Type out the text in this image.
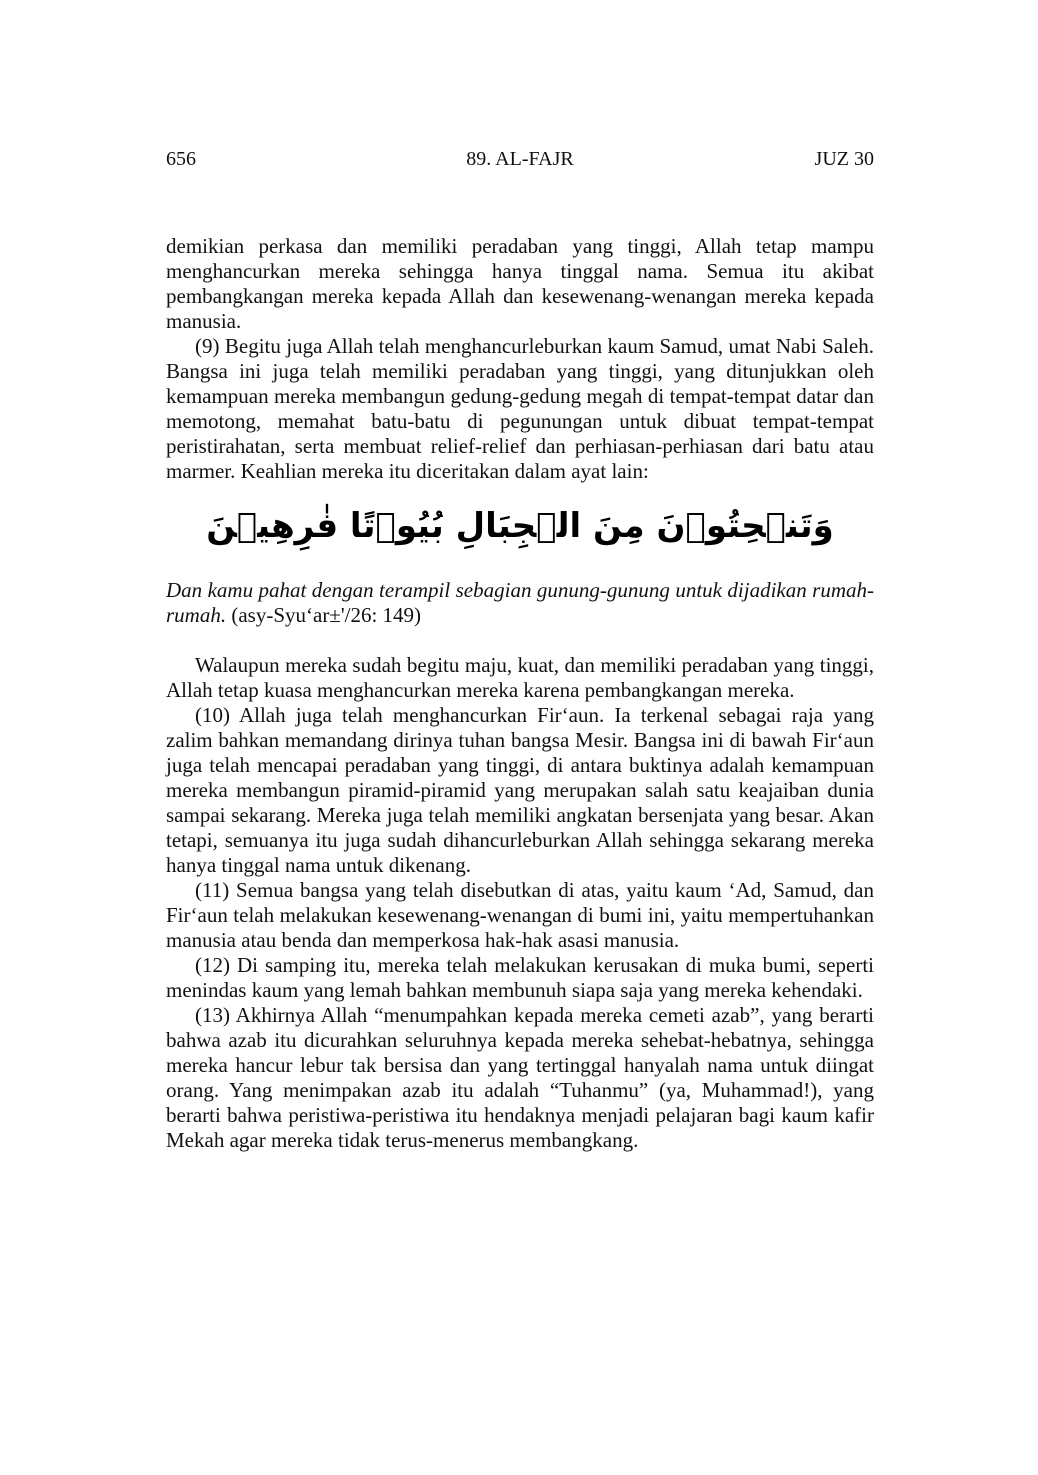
656	89. AL-FAJR	JUZ 30

demikian perkasa dan memiliki peradaban yang tinggi, Allah tetap mampu menghancurkan mereka sehingga hanya tinggal nama. Semua itu akibat pembangkangan mereka kepada Allah dan kesewenang-wenangan mereka kepada manusia.

(9) Begitu juga Allah telah menghancurleburkan kaum Samud, umat Nabi Saleh. Bangsa ini juga telah memiliki peradaban yang tinggi, yang ditunjukkan oleh kemampuan mereka membangun gedung-gedung megah di tempat-tempat datar dan memotong, memahat batu-batu di pegunungan untuk dibuat tempat-tempat peristirahatan, serta membuat relief-relief dan perhiasan-perhiasan dari batu atau marmer. Keahlian mereka itu diceritakan dalam ayat lain:

وَتَنۡحِتُوۡنَ مِنَ الۡجِبَالِ بُيُوۡتًا فٰرِهِيۡنَ

Dan kamu pahat dengan terampil sebagian gunung-gunung untuk dijadikan rumah-rumah. (asy-Syu‘ar±'/26: 149)

Walaupun mereka sudah begitu maju, kuat, dan memiliki peradaban yang tinggi, Allah tetap kuasa menghancurkan mereka karena pembangkangan mereka.

(10) Allah juga telah menghancurkan Fir‘aun. Ia terkenal sebagai raja yang zalim bahkan memandang dirinya tuhan bangsa Mesir. Bangsa ini di bawah Fir‘aun juga telah mencapai peradaban yang tinggi, di antara buktinya adalah kemampuan mereka membangun piramid-piramid yang merupakan salah satu keajaiban dunia sampai sekarang. Mereka juga telah memiliki angkatan bersenjata yang besar. Akan tetapi, semuanya itu juga sudah dihancurleburkan Allah sehingga sekarang mereka hanya tinggal nama untuk dikenang.

(11) Semua bangsa yang telah disebutkan di atas, yaitu kaum ‘Ad, Samud, dan Fir‘aun telah melakukan kesewenang-wenangan di bumi ini, yaitu mempertuhankan manusia atau benda dan memperkosa hak-hak asasi manusia.

(12) Di samping itu, mereka telah melakukan kerusakan di muka bumi, seperti menindas kaum yang lemah bahkan membunuh siapa saja yang mereka kehendaki.

(13) Akhirnya Allah “menumpahkan kepada mereka cemeti azab”, yang berarti bahwa azab itu dicurahkan seluruhnya kepada mereka sehebat-hebatnya, sehingga mereka hancur lebur tak bersisa dan yang tertinggal hanyalah nama untuk diingat orang. Yang menimpakan azab itu adalah “Tuhanmu” (ya, Muhammad!), yang berarti bahwa peristiwa-peristiwa itu hendaknya menjadi pelajaran bagi kaum kafir Mekah agar mereka tidak terus-menerus membangkang.
